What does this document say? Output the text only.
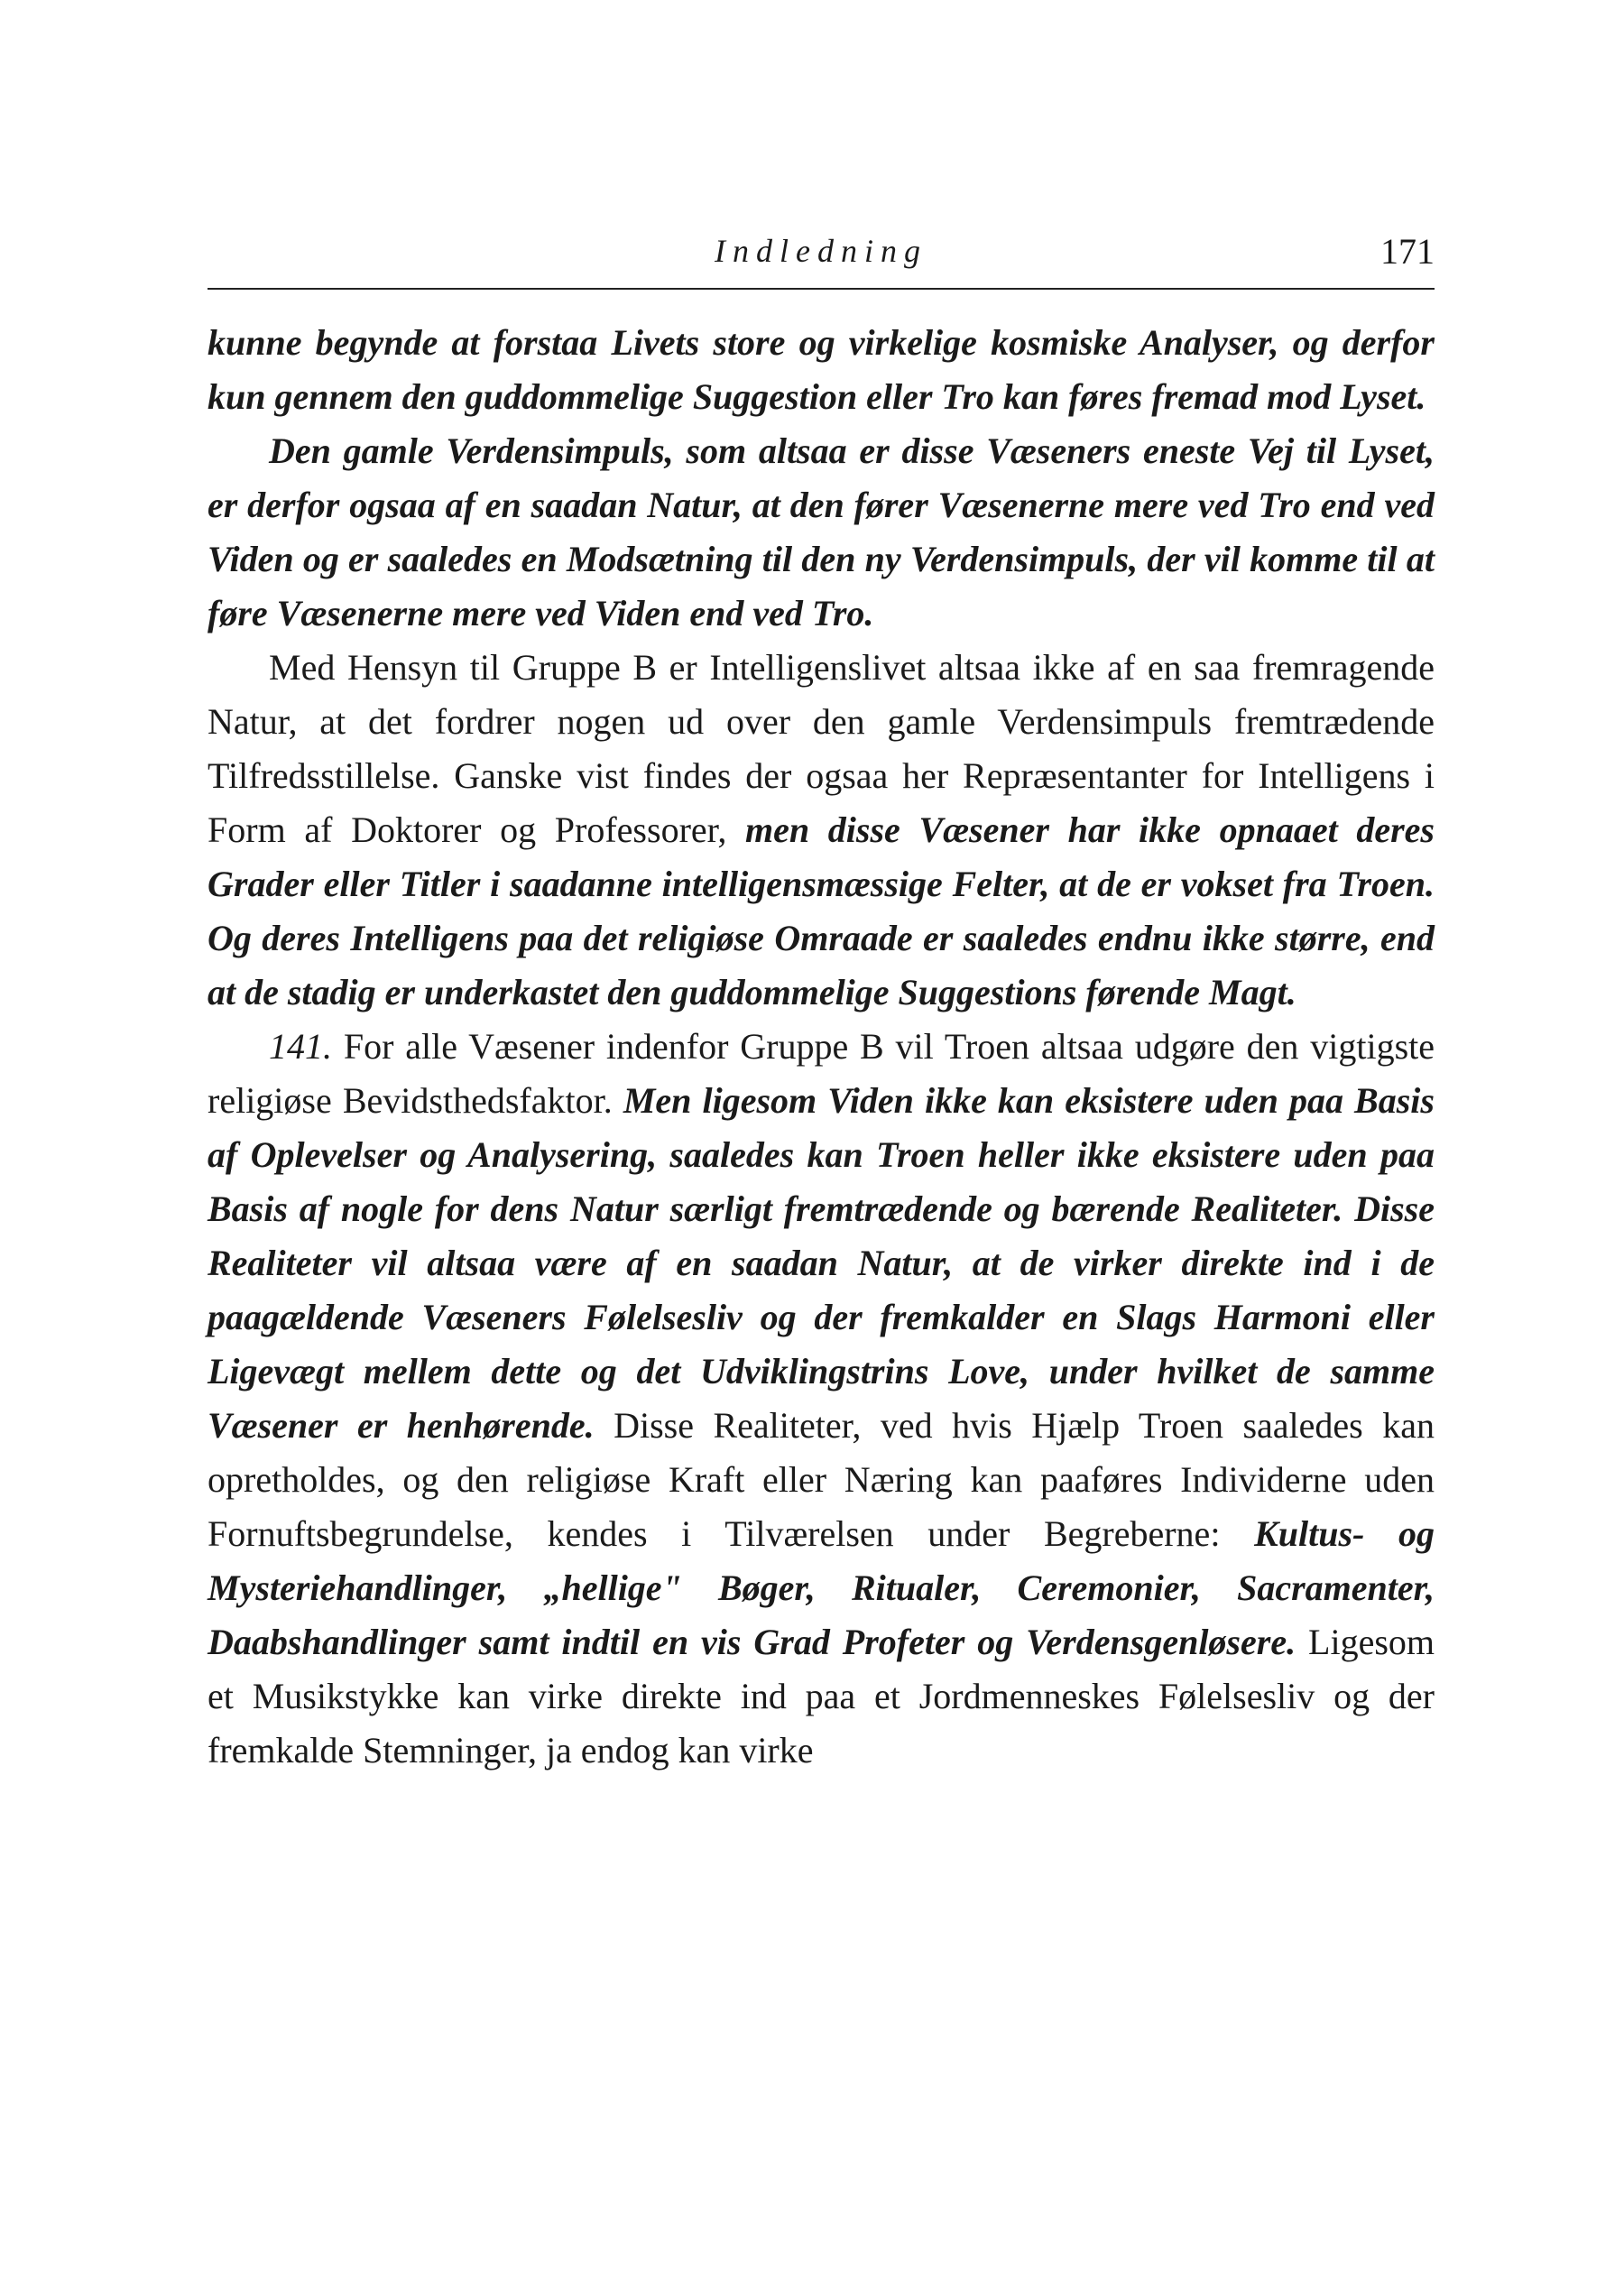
Indledning	171

kunne begynde at forstaa Livets store og virkelige kosmiske Analyser, og derfor kun gennem den guddommelige Suggestion eller Tro kan føres fremad mod Lyset.

Den gamle Verdensimpuls, som altsaa er disse Væseners eneste Vej til Lyset, er derfor ogsaa af en saadan Natur, at den fører Væsenerne mere ved Tro end ved Viden og er saaledes en Modsætning til den ny Verdensimpuls, der vil komme til at føre Væsenerne mere ved Viden end ved Tro.

Med Hensyn til Gruppe B er Intelligenslivet altsaa ikke af en saa fremragende Natur, at det fordrer nogen ud over den gamle Verdensimpuls fremtrædende Tilfredsstillelse. Ganske vist findes der ogsaa her Repræsentanter for Intelligens i Form af Doktorer og Professorer, men disse Væsener har ikke opnaaet deres Grader eller Titler i saadanne intelligensmæssige Felter, at de er vokset fra Troen. Og deres Intelligens paa det religiøse Omraade er saaledes endnu ikke større, end at de stadig er underkastet den guddommelige Suggestions førende Magt.

141. For alle Væsener indenfor Gruppe B vil Troen altsaa udgøre den vigtigste religiøse Bevidsthedsfaktor. Men ligesom Viden ikke kan eksistere uden paa Basis af Oplevelser og Analysering, saaledes kan Troen heller ikke eksistere uden paa Basis af nogle for dens Natur særligt fremtrædende og bærende Realiteter. Disse Realiteter vil altsaa være af en saadan Natur, at de virker direkte ind i de paagældende Væseners Følelsesliv og der fremkalder en Slags Harmoni eller Ligevægt mellem dette og det Udviklingstrins Love, under hvilket de samme Væsener er henhørende. Disse Realiteter, ved hvis Hjælp Troen saaledes kan opretholdes, og den religiøse Kraft eller Næring kan paaføres Individerne uden Fornuftsbegrundelse, kendes i Tilværelsen under Begreberne: Kultus- og Mysteriehandlinger, „hellige" Bøger, Ritualer, Ceremonier, Sacramenter, Daabshandlinger samt indtil en vis Grad Profeter og Verdensgenløsere. Ligesom et Musikstykke kan virke direkte ind paa et Jordmenneskes Følelsesliv og der fremkalde Stemninger, ja endog kan virke
